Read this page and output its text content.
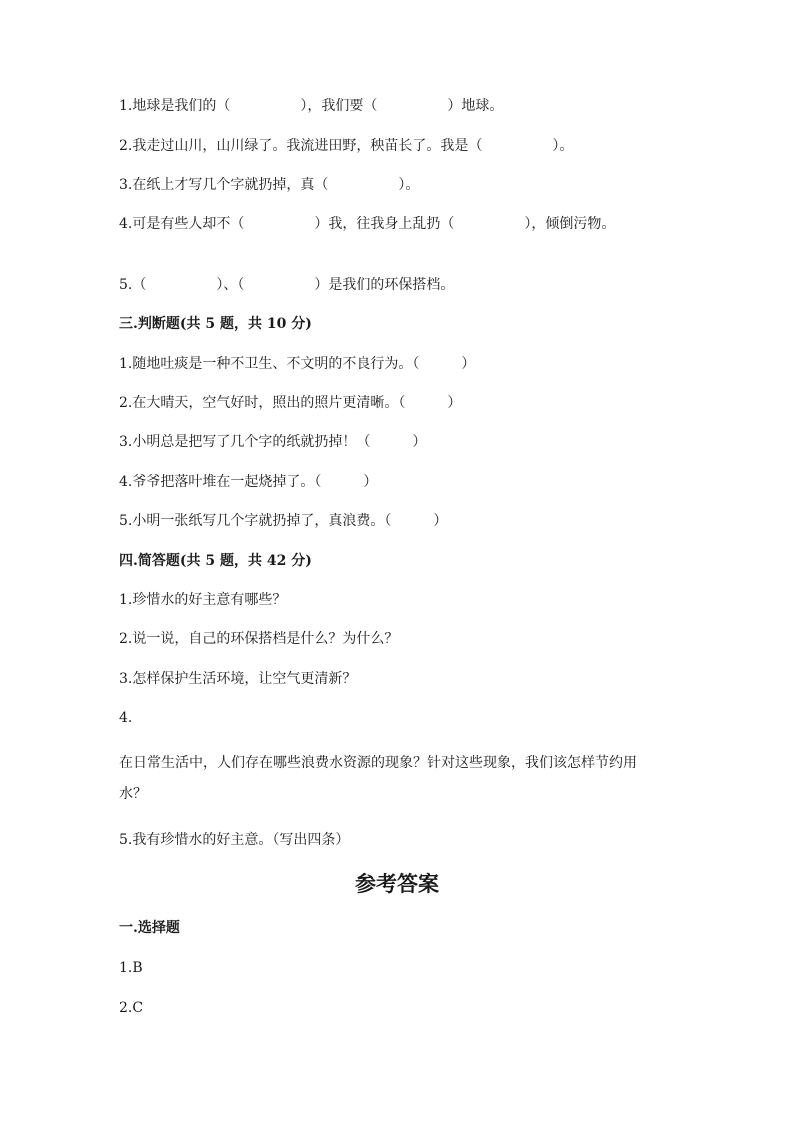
1.地球是我们的（　　　　　），我们要（　　　　　）地球。
2.我走过山川，山川绿了。我流进田野，秧苗长了。我是（　　　　　）。
3.在纸上才写几个字就扔掉，真（　　　　　）。
4.可是有些人却不（　　　　　）我，往我身上乱扔（　　　　　），倾倒污物。
5.（　　　　　）、（　　　　　）是我们的环保搭档。
三.判断题(共 5 题，共 10 分)
1.随地吐痰是一种不卫生、不文明的不良行为。（　　　）
2.在大晴天，空气好时，照出的照片更清晰。（　　　）
3.小明总是把写了几个字的纸就扔掉！（　　　）
4.爷爷把落叶堆在一起烧掉了。（　　　）
5.小明一张纸写几个字就扔掉了，真浪费。（　　　）
四.简答题(共 5 题，共 42 分)
1.珍惜水的好主意有哪些？
2.说一说，自己的环保搭档是什么？为什么？
3.怎样保护生活环境，让空气更清新？
4.
在日常生活中，人们存在哪些浪费水资源的现象？针对这些现象，我们该怎样节约用水？
5.我有珍惜水的好主意。（写出四条）
参考答案
一.选择题
1.B
2.C
